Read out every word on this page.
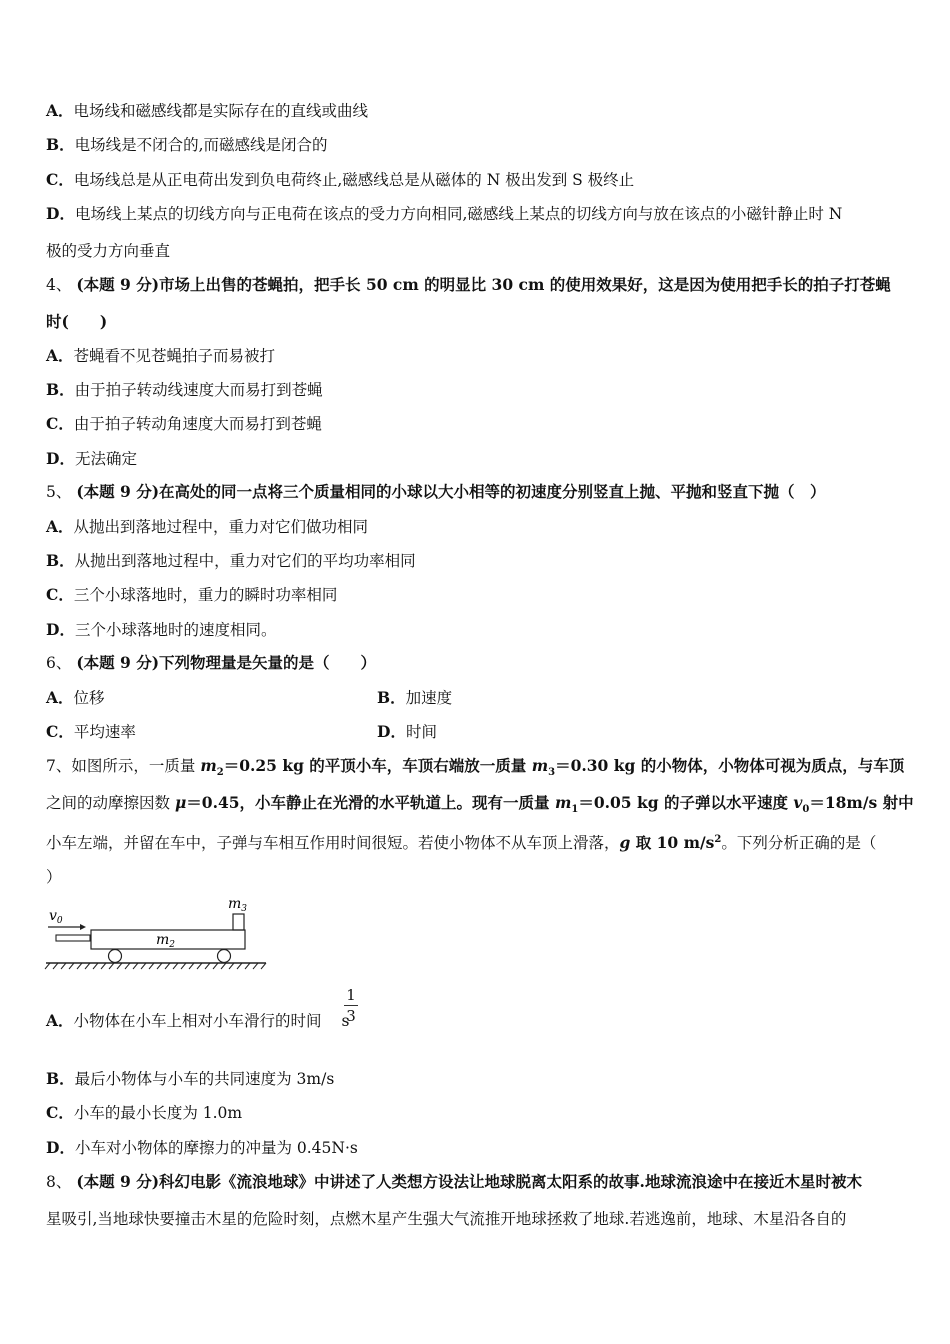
A．电场线和磁感线都是实际存在的直线或曲线
B．电场线是不闭合的,而磁感线是闭合的
C．电场线总是从正电荷出发到负电荷终止,磁感线总是从磁体的 N 极出发到 S 极终止
D．电场线上某点的切线方向与正电荷在该点的受力方向相同,磁感线上某点的切线方向与放在该点的小磁针静止时 N
极的受力方向垂直
4、 (本题 9 分)市场上出售的苍蝇拍，把手长 50 cm 的明显比 30 cm 的使用效果好，这是因为使用把手长的拍子打苍蝇
时(　　)
A．苍蝇看不见苍蝇拍子而易被打
B．由于拍子转动线速度大而易打到苍蝇
C．由于拍子转动角速度大而易打到苍蝇
D．无法确定
5、 (本题 9 分)在高处的同一点将三个质量相同的小球以大小相等的初速度分别竖直上抛、平抛和竖直下抛（　）
A．从抛出到落地过程中，重力对它们做功相同
B．从抛出到落地过程中，重力对它们的平均功率相同
C．三个小球落地时，重力的瞬时功率相同
D．三个小球落地时的速度相同。
6、 (本题 9 分)下列物理量是矢量的是（　　）
A．位移	B．加速度
C．平均速率	D．时间
7、如图所示，一质量 $m_2=0.25$ kg 的平顶小车，车顶右端放一质量 $m_3=0.30$ kg 的小物体，小物体可视为质点，与车顶
之间的动摩擦因数 μ＝0.45，小车静止在光滑的水平轨道上。现有一质量 $m_1=0.05$ kg 的子弹以水平速度 $v_0=18m/s$ 射中
小车左端，并留在车中，子弹与车相互作用时间很短。若使小物体不从车顶上滑落，g 取 10 $m/s^2$。下列分析正确的是（
）
$v_0$
$m_2$
$m_3$
A．小物体在小车上相对小车滑行的时间 s
1
3
B．最后小物体与小车的共同速度为 3m/s
C．小车的最小长度为 1.0m
D．小车对小物体的摩擦力的冲量为 0.45N·s
8、 (本题 9 分)科幻电影《流浪地球》中讲述了人类想方设法让地球脱离太阳系的故事.地球流浪途中在接近木星时被木
星吸引,当地球快要撞击木星的危险时刻，点燃木星产生强大气流推开地球拯救了地球.若逃逸前，地球、木星沿各自的
